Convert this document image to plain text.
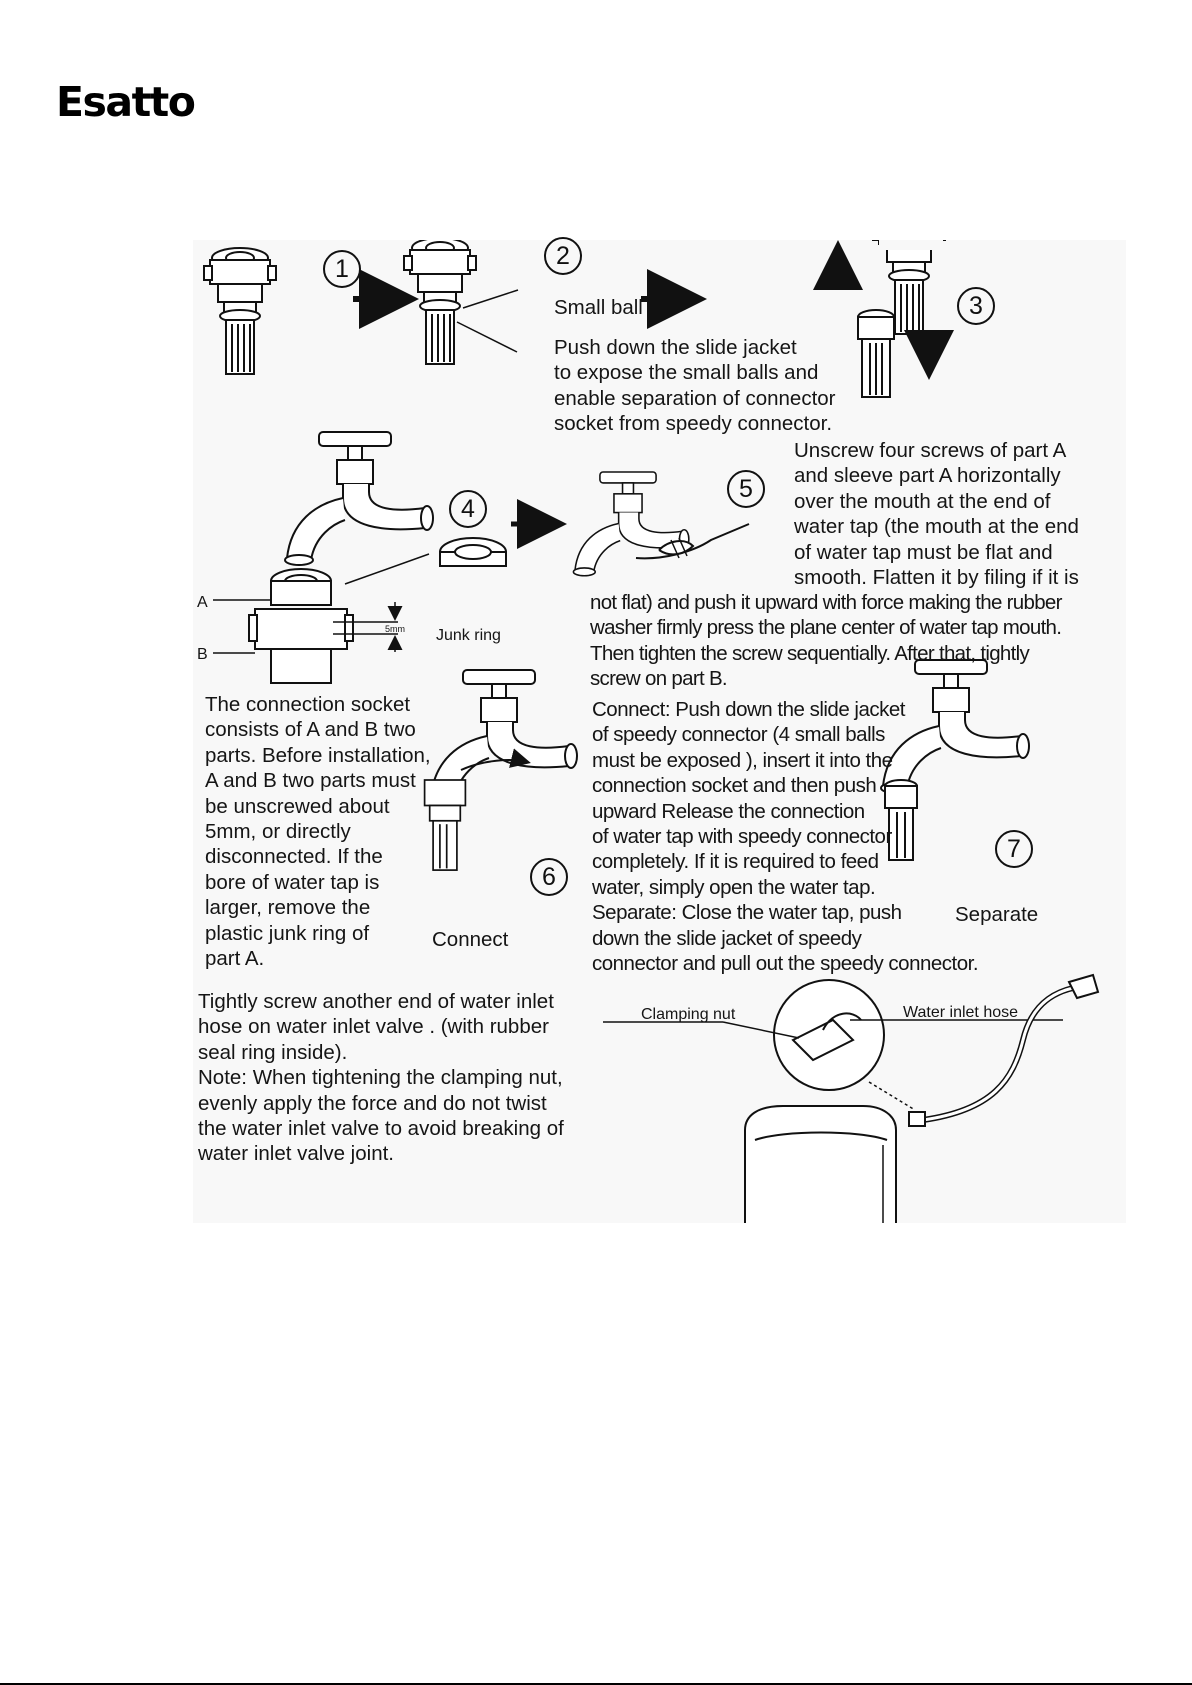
Esatto
1	2
3
4
5
6
7
Small ball
A
B
5mm Junk ring
Connect
Separate
Clamping nut	Water inlet hose
Push down the slide jacket
to expose the small balls and
enable separation of connector
socket from speedy connector.
Unscrew four screws of part A
and sleeve part A horizontally
over the mouth at the end of
water tap (the mouth at the end
of water tap must be flat and
smooth. Flatten it by filing if it is
not flat) and push it upward with force making the rubber
washer firmly press the plane center of water tap mouth.
Then tighten the screw sequentially. After that, tightly
screw on part B.
The connection socket
consists of A and B two
parts. Before installation,
A and B two parts must
be unscrewed about
5mm, or directly
disconnected. If the
bore of water tap is
larger, remove the
plastic junk ring of
part A.
Connect: Push down the slide jacket
of speedy connector (4 small balls
must be exposed ), insert it into the
connection socket and then push
upward Release the connection
of water tap with speedy connector
completely. If it is required to feed
water, simply open the water tap.
Separate: Close the water tap, push
down the slide jacket of speedy
connector and pull out the speedy connector.
Tightly screw another end of water inlet
hose on water inlet valve . (with rubber
seal ring inside).
Note: When tightening the clamping nut,
evenly apply the force and do not twist
the water inlet valve to avoid breaking of
water inlet valve joint.
